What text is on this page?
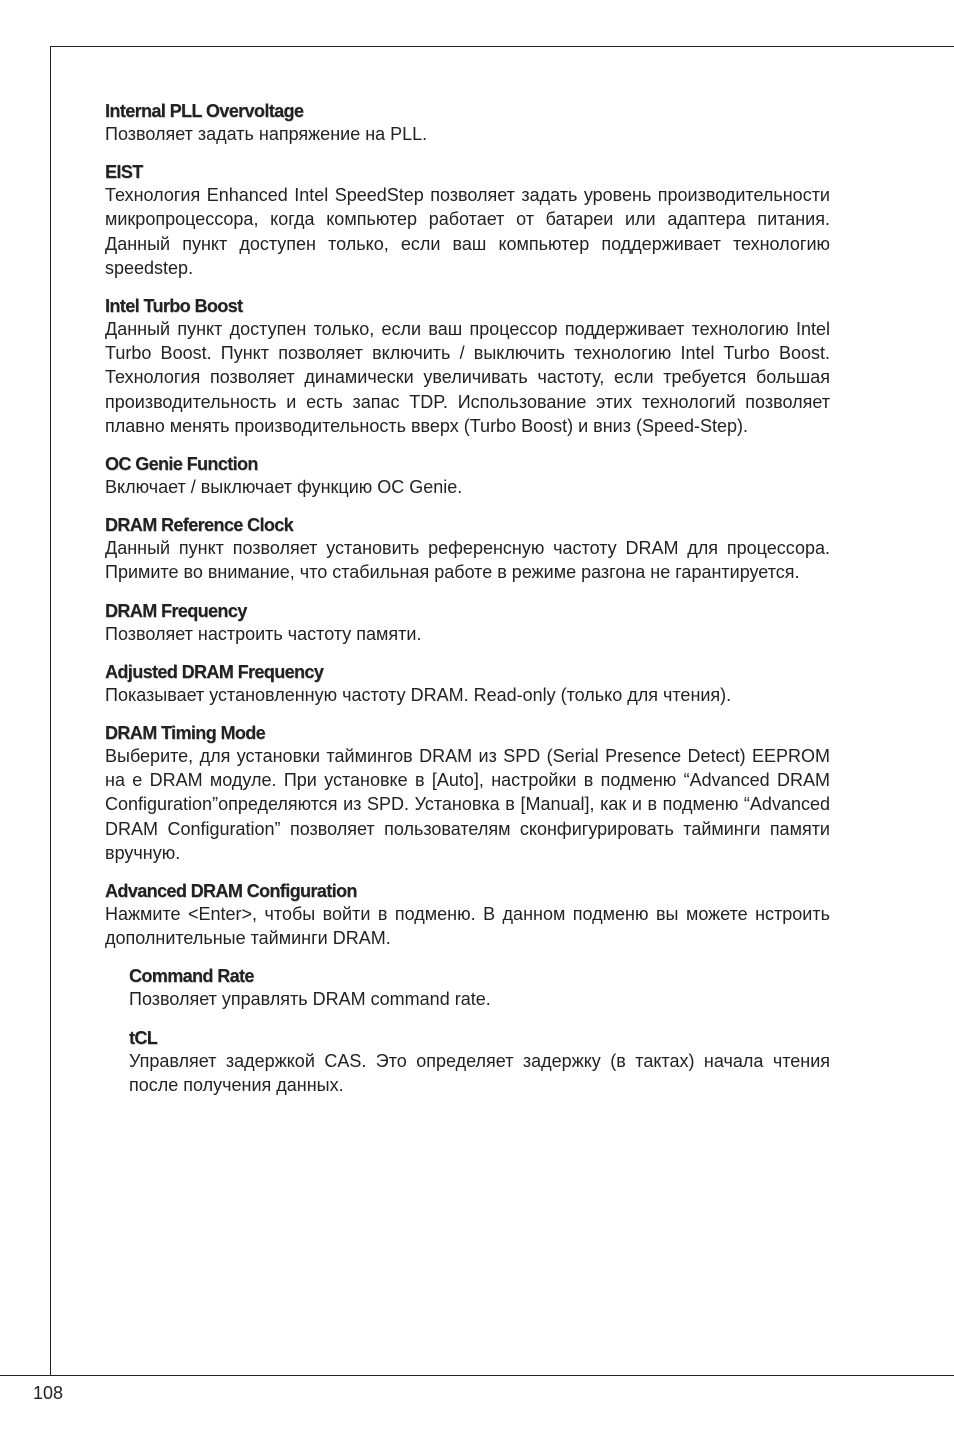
Internal PLL Overvoltage
Позволяет задать напряжение на PLL.
EIST
Технология Enhanced Intel SpeedStep позволяет задать уровень производительности микропроцессора, когда компьютер работает от батареи или адаптера питания. Данный пункт доступен только, если ваш компьютер поддерживает технологию speedstep.
Intel Turbo Boost
Данный пункт доступен только, если ваш процессор поддерживает технологию Intel Turbo Boost. Пункт позволяет включить / выключить технологию Intel Turbo Boost. Технология позволяет динамически увеличивать частоту, если требуется большая производительность и есть запас TDP. Использование этих технологий позволяет плавно менять производительность вверх (Turbo Boost) и вниз (Speed-Step).
OC Genie Function
Включает / выключает функцию OC Genie.
DRAM Reference Clock
Данный пункт позволяет установить референсную частоту DRAM для процессора. Примите во внимание, что стабильная работе в режиме разгона не гарантируется.
DRAM Frequency
Позволяет настроить частоту памяти.
Adjusted DRAM Frequency
Показывает установленную частоту DRAM. Read-only (только для чтения).
DRAM Timing Mode
Выберите, для установки таймингов DRAM из SPD (Serial Presence Detect) EEPROM на е DRAM модуле. При установке в [Auto], настройки в подменю “Advanced DRAM Configuration”определяются из SPD. Установка в [Manual], как и в подменю “Advanced DRAM Configuration” позволяет пользователям сконфигурировать тайминги памяти вручную.
Advanced DRAM Configuration
Нажмите <Enter>, чтобы войти в подменю. В данном подменю вы можете нстроить дополнительные тайминги DRAM.
Command Rate
Позволяет управлять DRAM command rate.
tCL
Управляет задержкой CAS. Это определяет задержку (в тактах) начала чтения после получения данных.
108
